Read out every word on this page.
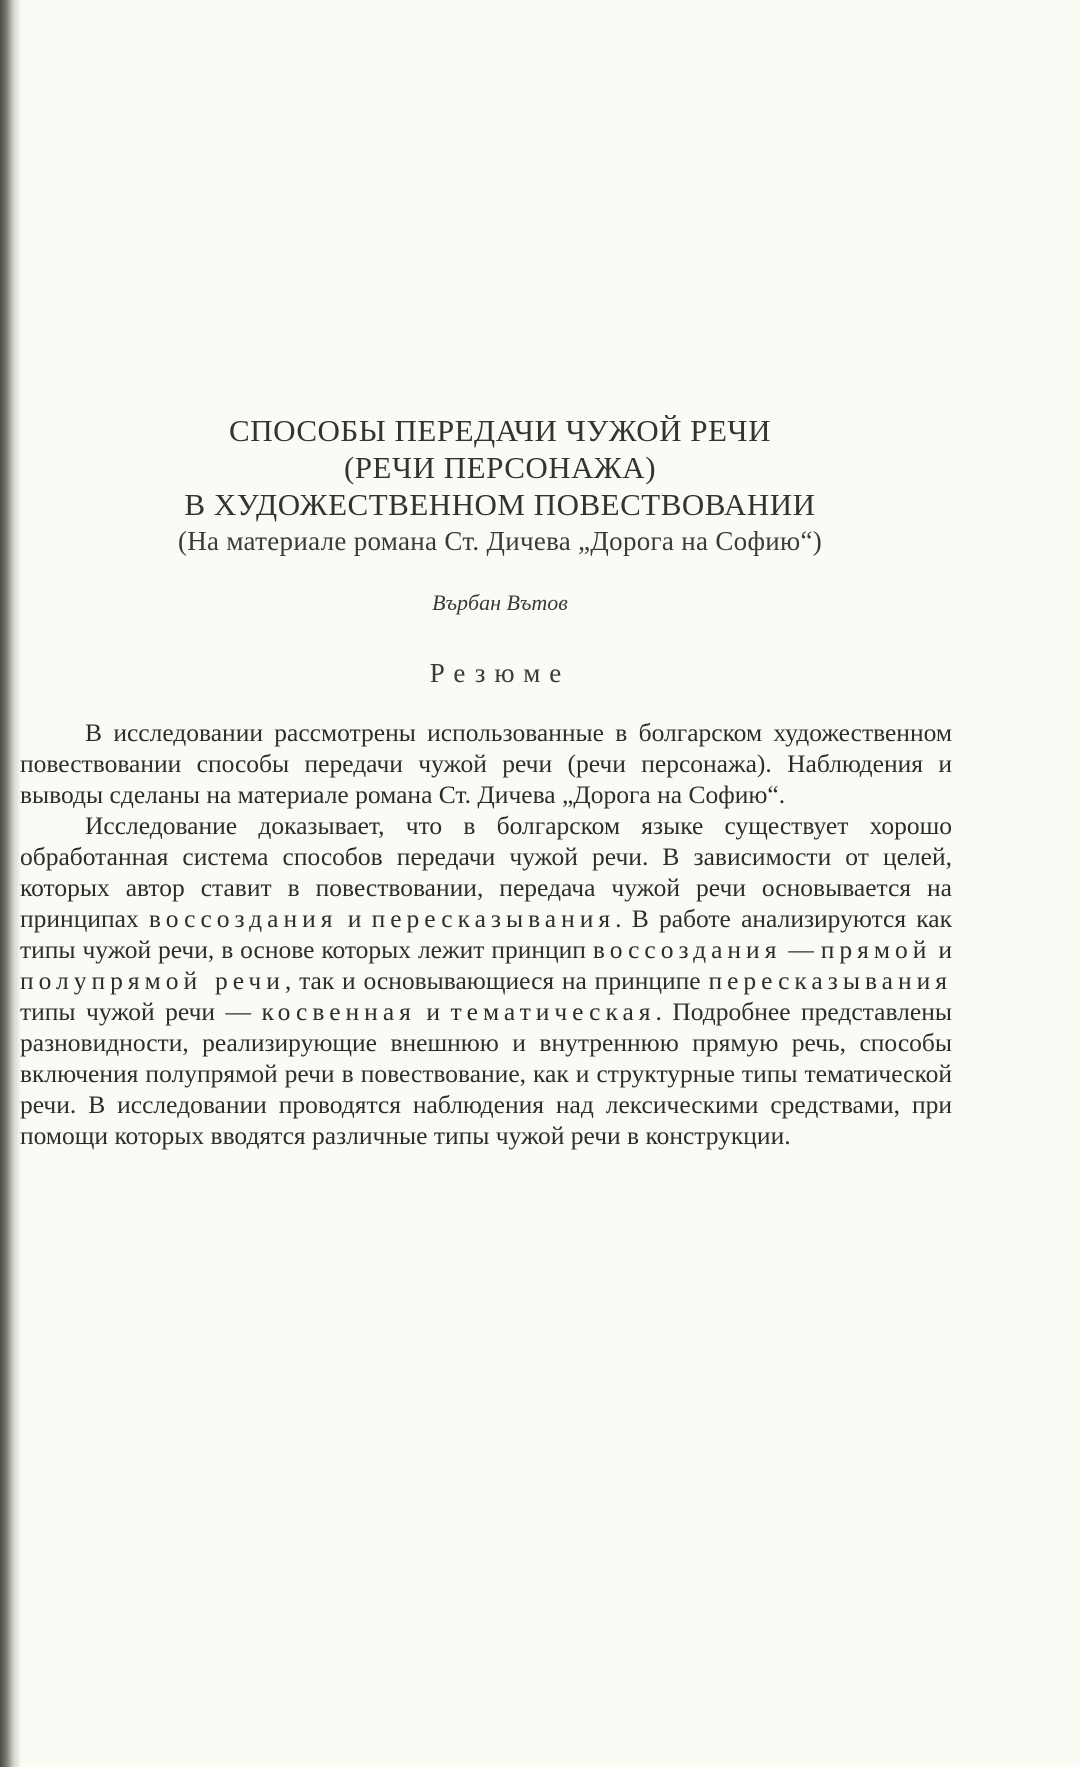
СПОСОБЫ ПЕРЕДАЧИ ЧУЖОЙ РЕЧИ
(РЕЧИ ПЕРСОНАЖА)
В ХУДОЖЕСТВЕННОМ ПОВЕСТВОВАНИИ
(На материале романа Ст. Дичева „Дорога на Софию“)
Върбан Вътов
Резюме

В исследовании рассмотрены использованные в болгарском художественном повествовании способы передачи чужой речи (речи персонажа). Наблюдения и выводы сделаны на материале романа Ст. Дичева „Дорога на Софию“.

Исследование доказывает, что в болгарском языке существует хорошо обработанная система способов передачи чужой речи. В зависимости от целей, которых автор ставит в повествовании, передача чужой речи основывается на принципах воссоздания и пересказывания. В работе анализируются как типы чужой речи, в основе которых лежит принцип воссоздания — прямой и полупрямой речи, так и основывающиеся на принципе пересказывания типы чужой речи — косвенная и тематическая. Подробнее представлены разновидности, реализирующие внешнюю и внутреннюю прямую речь, способы включения полупрямой речи в повествование, как и структурные типы тематической речи. В исследовании проводятся наблюдения над лексическими средствами, при помощи которых вводятся различные типы чужой речи в конструкции.
